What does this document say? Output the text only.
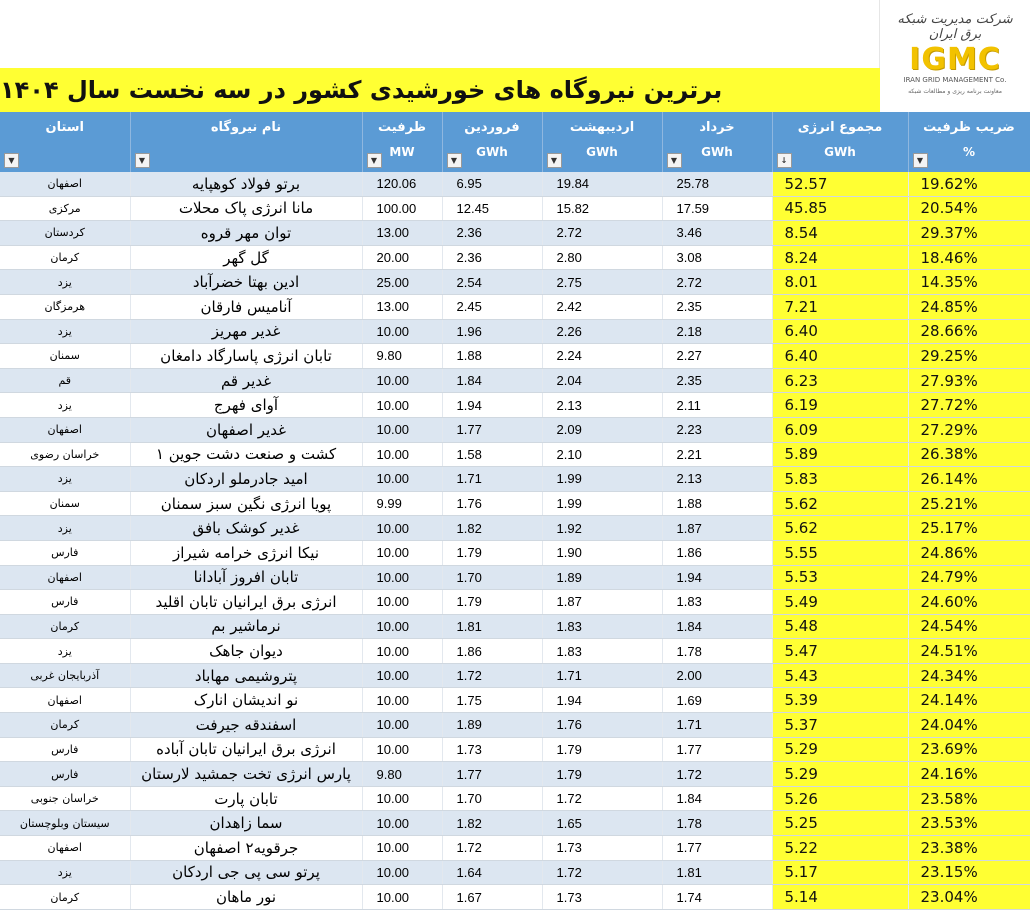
شرکت مدیریت شبکه برق ایران
IGMC
IRAN GRID MANAGEMENT Co.
معاونت برنامه ریزی و مطالعات شبکه
برترین نیروگاه های خورشیدی کشور در سه نخست سال ۱۴۰۴
ضریب ظرفیت
%
▼	مجموع انرژی
GWh
↓	خرداد
GWh
▼	اردیبهشت
GWh
▼	فروردین
GWh
▼	ظرفیت
MW
▼	نام نیروگاه
▼	استان
▼

19.62%	52.57	25.78	19.84	6.95	120.06	برتو فولاد کوهپایه	اصفهان
20.54%	45.85	17.59	15.82	12.45	100.00	مانا انرژی پاک محلات	مرکزی
29.37%	8.54	3.46	2.72	2.36	13.00	توان مهر قروه	کردستان
18.46%	8.24	3.08	2.80	2.36	20.00	گل گهر	کرمان
14.35%	8.01	2.72	2.75	2.54	25.00	ادین بهتا خضرآباد	یزد
24.85%	7.21	2.35	2.42	2.45	13.00	آناميس فارقان	هرمزگان
28.66%	6.40	2.18	2.26	1.96	10.00	غدیر مهریز	یزد
29.25%	6.40	2.27	2.24	1.88	9.80	تابان انرژی پاسارگاد دامغان	سمنان
27.93%	6.23	2.35	2.04	1.84	10.00	غدیر قم	قم
27.72%	6.19	2.11	2.13	1.94	10.00	آوای فهرج	یزد
27.29%	6.09	2.23	2.09	1.77	10.00	غدیر اصفهان	اصفهان
26.38%	5.89	2.21	2.10	1.58	10.00	کشت و صنعت دشت جوین ۱	خراسان رضوی
26.14%	5.83	2.13	1.99	1.71	10.00	امید جادرملو اردکان	یزد
25.21%	5.62	1.88	1.99	1.76	9.99	پویا انرژی نگین سبز سمنان	سمنان
25.17%	5.62	1.87	1.92	1.82	10.00	غدیر کوشک بافق	یزد
24.86%	5.55	1.86	1.90	1.79	10.00	نیکا انرژی خرامه شیراز	فارس
24.79%	5.53	1.94	1.89	1.70	10.00	تابان افروز آبادانا	اصفهان
24.60%	5.49	1.83	1.87	1.79	10.00	انرژی برق ایرانیان تابان اقلید	فارس
24.54%	5.48	1.84	1.83	1.81	10.00	نرماشیر بم	کرمان
24.51%	5.47	1.78	1.83	1.86	10.00	دیوان جاهک	یزد
24.34%	5.43	2.00	1.71	1.72	10.00	پتروشیمی مهاباد	آذربایجان غربی
24.14%	5.39	1.69	1.94	1.75	10.00	نو اندیشان انارک	اصفهان
24.04%	5.37	1.71	1.76	1.89	10.00	اسفندقه جیرفت	کرمان
23.69%	5.29	1.77	1.79	1.73	10.00	انرژی برق ایرانیان تابان آباده	فارس
24.16%	5.29	1.72	1.79	1.77	9.80	پارس انرژی تخت جمشید لارستان	فارس
23.58%	5.26	1.84	1.72	1.70	10.00	تابان پارت	خراسان جنوبی
23.53%	5.25	1.78	1.65	1.82	10.00	سما زاهدان	سیستان وبلوچستان
23.38%	5.22	1.77	1.73	1.72	10.00	جرقویه۲ اصفهان	اصفهان
23.15%	5.17	1.81	1.72	1.64	10.00	پرتو سی پی جی اردکان	یزد
23.04%	5.14	1.74	1.73	1.67	10.00	نور ماهان	کرمان
